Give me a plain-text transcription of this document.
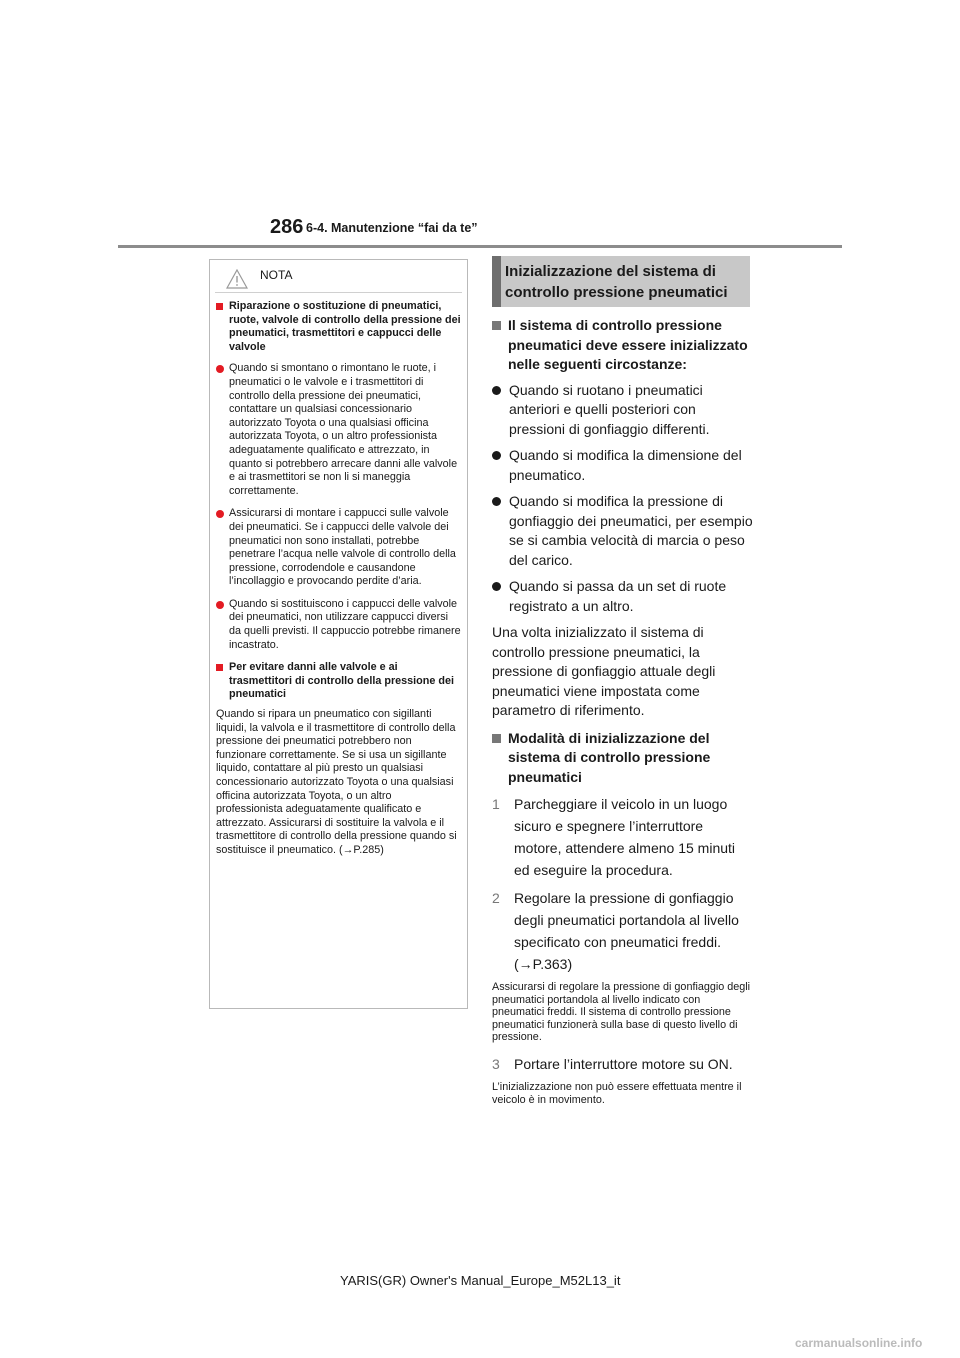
286 6-4. Manutenzione “fai da te”
NOTA

Riparazione o sostituzione di pneumatici, ruote, valvole di controllo della pressione dei pneumatici, trasmettitori e cappucci delle valvole

Quando si smontano o rimontano le ruote, i pneumatici o le valvole e i trasmettitori di controllo della pressione dei pneumatici, contattare un qualsiasi concessionario autorizzato Toyota o una qualsiasi officina autorizzata Toyota, o un altro professionista adeguatamente qualificato e attrezzato, in quanto si potrebbero arrecare danni alle valvole e ai trasmettitori se non li si maneggia correttamente.

Assicurarsi di montare i cappucci sulle valvole dei pneumatici. Se i cappucci delle valvole dei pneumatici non sono installati, potrebbe penetrare l’acqua nelle valvole di controllo della pressione, corrodendole e causandone l’incollaggio e provocando perdite d’aria.

Quando si sostituiscono i cappucci delle valvole dei pneumatici, non utilizzare cappucci diversi da quelli previsti. Il cappuccio potrebbe rimanere incastrato.

Per evitare danni alle valvole e ai trasmettitori di controllo della pressione dei pneumatici

Quando si ripara un pneumatico con sigillanti liquidi, la valvola e il trasmettitore di controllo della pressione dei pneumatici potrebbero non funzionare correttamente. Se si usa un sigillante liquido, contattare al più presto un qualsiasi concessionario autorizzato Toyota o una qualsiasi officina autorizzata Toyota, o un altro professionista adeguatamente qualificato e attrezzato. Assicurarsi di sostituire la valvola e il trasmettitore di controllo della pressione quando si sostituisce il pneumatico. (→P.285)

Inizializzazione del sistema di controllo pressione pneumatici

Il sistema di controllo pressione pneumatici deve essere inizializzato nelle seguenti circostanze:

Quando si ruotano i pneumatici anteriori e quelli posteriori con pressioni di gonfiaggio differenti.

Quando si modifica la dimensione del pneumatico.

Quando si modifica la pressione di gonfiaggio dei pneumatici, per esempio se si cambia velocità di marcia o peso del carico.

Quando si passa da un set di ruote registrato a un altro.

Una volta inizializzato il sistema di controllo pressione pneumatici, la pressione di gonfiaggio attuale degli pneumatici viene impostata come parametro di riferimento.

Modalità di inizializzazione del sistema di controllo pressione pneumatici

1 Parcheggiare il veicolo in un luogo sicuro e spegnere l’interruttore motore, attendere almeno 15 minuti ed eseguire la procedura.

2 Regolare la pressione di gonfiaggio degli pneumatici portandola al livello specificato con pneumatici freddi. (→P.363)

Assicurarsi di regolare la pressione di gonfiaggio degli pneumatici portandola al livello indicato con pneumatici freddi. Il sistema di controllo pressione pneumatici funzionerà sulla base di questo livello di pressione.

3 Portare l’interruttore motore su ON.

L’inizializzazione non può essere effettuata mentre il veicolo è in movimento.

YARIS(GR) Owner's Manual_Europe_M52L13_it
carmanualsonline.info
